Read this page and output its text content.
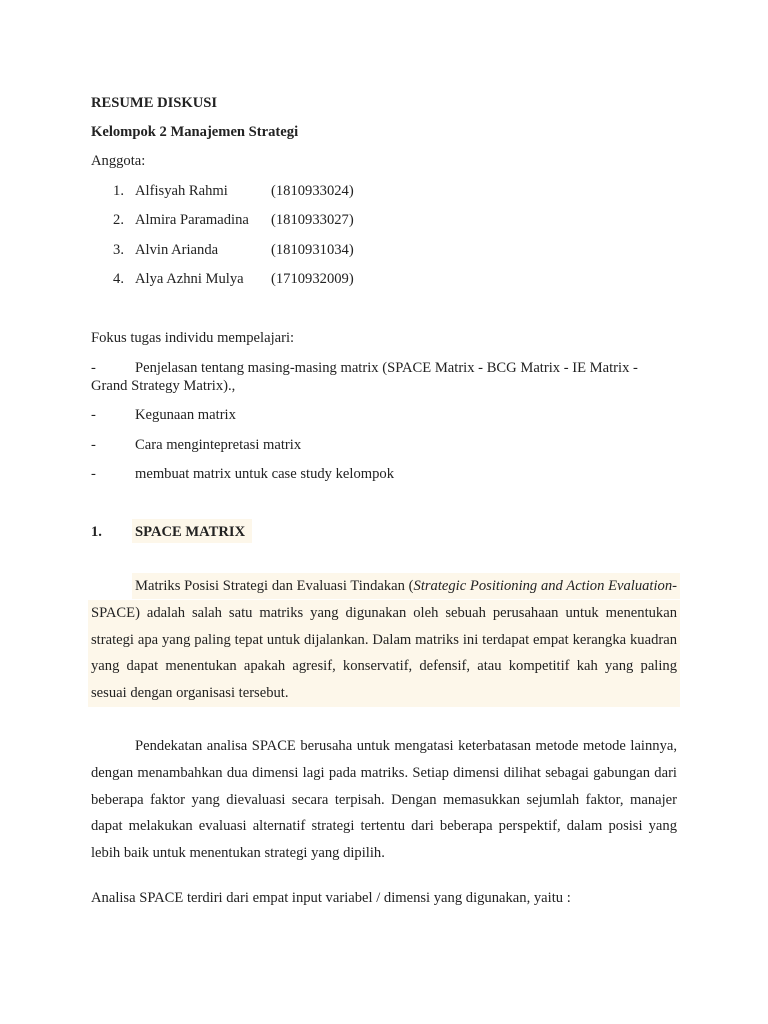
RESUME DISKUSI
Kelompok 2 Manajemen Strategi
Anggota:
1. Alfisyah Rahmi	(1810933024)
2. Almira Paramadina (1810933027)
3. Alvin Arianda	(1810931034)
4. Alya Azhni Mulya (1710932009)
Fokus tugas individu mempelajari:
-	Penjelasan tentang masing-masing matrix (SPACE Matrix - BCG Matrix - IE Matrix -
Grand Strategy Matrix).,
-	Kegunaan matrix
-	Cara mengintepretasi matrix
-	membuat matrix untuk case study kelompok
1. SPACE MATRIX
Matriks Posisi Strategi dan Evaluasi Tindakan (Strategic Positioning and Action Evaluation- SPACE) adalah salah satu matriks yang digunakan oleh sebuah perusahaan untuk menentukan strategi apa yang paling tepat untuk dijalankan. Dalam matriks ini terdapat empat kerangka kuadran yang dapat menentukan apakah agresif, konservatif, defensif, atau kompetitif kah yang paling sesuai dengan organisasi tersebut.
Pendekatan analisa SPACE berusaha untuk mengatasi keterbatasan metode metode lainnya, dengan menambahkan dua dimensi lagi pada matriks. Setiap dimensi dilihat sebagai gabungan dari beberapa faktor yang dievaluasi secara terpisah. Dengan memasukkan sejumlah faktor, manajer dapat melakukan evaluasi alternatif strategi tertentu dari beberapa perspektif, dalam posisi yang lebih baik untuk menentukan strategi yang dipilih.
Analisa SPACE terdiri dari empat input variabel / dimensi yang digunakan, yaitu :
